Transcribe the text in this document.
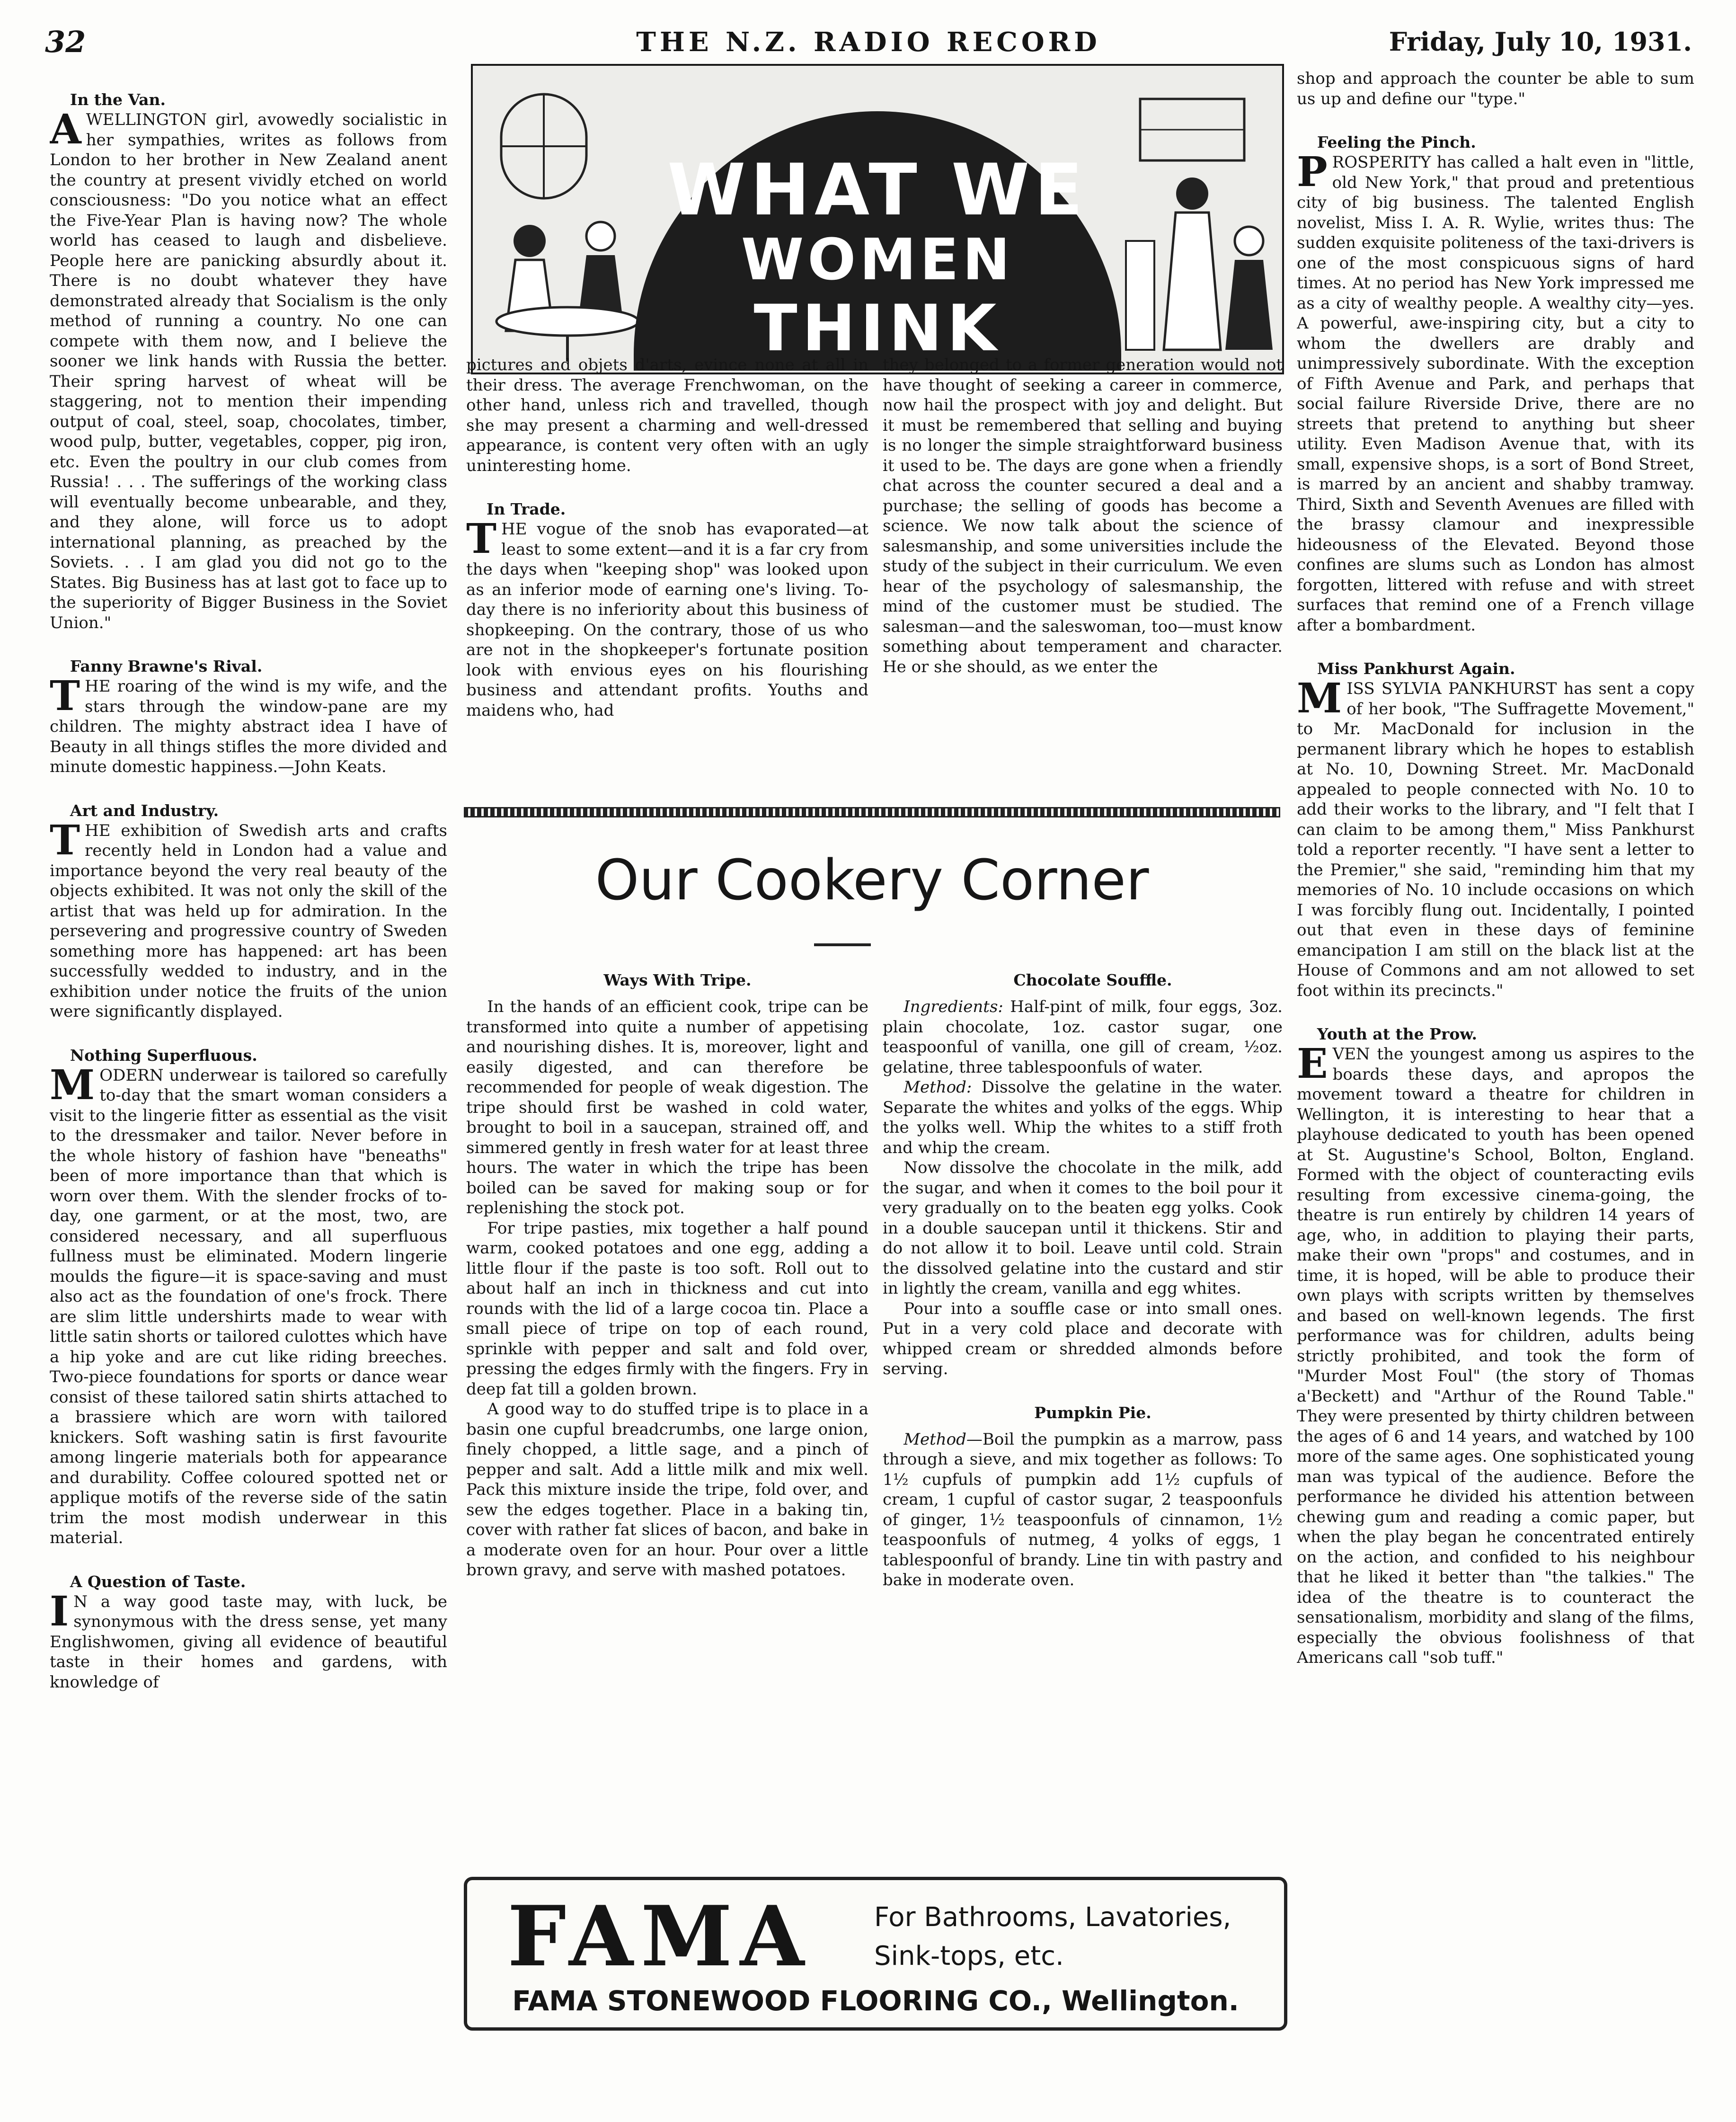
32	THE N.Z. RADIO RECORD	Friday, July 10, 1931.

In the Van.

AWELLINGTON girl, avowedly socialistic in her sympathies, writes as follows from London to her brother in New Zealand anent the country at present vividly etched on world consciousness: "Do you notice what an effect the Five-Year Plan is having now? The whole world has ceased to laugh and disbelieve. People here are panicking absurdly about it. There is no doubt whatever they have demonstrated already that Socialism is the only method of running a country. No one can compete with them now, and I believe the sooner we link hands with Russia the better. Their spring harvest of wheat will be staggering, not to mention their impending output of coal, steel, soap, chocolates, timber, wood pulp, butter, vegetables, copper, pig iron, etc. Even the poultry in our club comes from Russia! . . . The sufferings of the working class will eventually become unbearable, and they, and they alone, will force us to adopt international planning, as preached by the Soviets. . . I am glad you did not go to the States. Big Business has at last got to face up to the superiority of Bigger Business in the Soviet Union."

Fanny Brawne's Rival.

THE roaring of the wind is my wife, and the stars through the window-pane are my children. The mighty abstract idea I have of Beauty in all things stifles the more divided and minute domestic happiness.—John Keats.

Art and Industry.

THE exhibition of Swedish arts and crafts recently held in London had a value and importance beyond the very real beauty of the objects exhibited. It was not only the skill of the artist that was held up for admiration. In the persevering and progressive country of Sweden something more has happened: art has been successfully wedded to industry, and in the exhibition under notice the fruits of the union were significantly displayed.

Nothing Superfluous.

MODERN underwear is tailored so carefully to-day that the smart woman considers a visit to the lingerie fitter as essential as the visit to the dressmaker and tailor. Never before in the whole history of fashion have "beneaths" been of more importance than that which is worn over them. With the slender frocks of to-day, one garment, or at the most, two, are considered necessary, and all superfluous fullness must be eliminated. Modern lingerie moulds the figure—it is space-saving and must also act as the foundation of one's frock. There are slim little undershirts made to wear with little satin shorts or tailored culottes which have a hip yoke and are cut like riding breeches. Two-piece foundations for sports or dance wear consist of these tailored satin shirts attached to a brassiere which are worn with tailored knickers. Soft washing satin is first favourite among lingerie materials both for appearance and durability. Coffee coloured spotted net or applique motifs of the reverse side of the satin trim the most modish underwear in this material.

A Question of Taste.

IN a way good taste may, with luck, be synonymous with the dress sense, yet many Englishwomen, giving all evidence of beautiful taste in their homes and gardens, with knowledge of

WHAT WE
WOMEN
THINK

pictures and objets d'arts, evince none at all in their dress. The average Frenchwoman, on the other hand, unless rich and travelled, though she may present a charming and well-dressed appearance, is content very often with an ugly uninteresting home.

In Trade.

THE vogue of the snob has evaporated—at least to some extent—and it is a far cry from the days when "keeping shop" was looked upon as an inferior mode of earning one's living. To-day there is no inferiority about this business of shopkeeping. On the contrary, those of us who are not in the shopkeeper's fortunate position look with envious eyes on his flourishing business and attendant profits. Youths and maidens who, had

they belonged to a former generation would not have thought of seeking a career in commerce, now hail the prospect with joy and delight. But it must be remembered that selling and buying is no longer the simple straightforward business it used to be. The days are gone when a friendly chat across the counter secured a deal and a purchase; the selling of goods has become a science. We now talk about the science of salesmanship, and some universities include the study of the subject in their curriculum. We even hear of the psychology of salesmanship, the mind of the customer must be studied. The salesman—and the saleswoman, too—must know something about temperament and character. He or she should, as we enter the

Our Cookery Corner

Ways With Tripe.

In the hands of an efficient cook, tripe can be transformed into quite a number of appetising and nourishing dishes. It is, moreover, light and easily digested, and can therefore be recommended for people of weak digestion. The tripe should first be washed in cold water, brought to boil in a saucepan, strained off, and simmered gently in fresh water for at least three hours. The water in which the tripe has been boiled can be saved for making soup or for replenishing the stock pot.

For tripe pasties, mix together a half pound warm, cooked potatoes and one egg, adding a little flour if the paste is too soft. Roll out to about half an inch in thickness and cut into rounds with the lid of a large cocoa tin. Place a small piece of tripe on top of each round, sprinkle with pepper and salt and fold over, pressing the edges firmly with the fingers. Fry in deep fat till a golden brown.

A good way to do stuffed tripe is to place in a basin one cupful breadcrumbs, one large onion, finely chopped, a little sage, and a pinch of pepper and salt. Add a little milk and mix well. Pack this mixture inside the tripe, fold over, and sew the edges together. Place in a baking tin, cover with rather fat slices of bacon, and bake in a moderate oven for an hour. Pour over a little brown gravy, and serve with mashed potatoes.

Chocolate Souffle.

Ingredients: Half-pint of milk, four eggs, 3oz. plain chocolate, 1oz. castor sugar, one teaspoonful of vanilla, one gill of cream, ½oz. gelatine, three tablespoonfuls of water.

Method: Dissolve the gelatine in the water. Separate the whites and yolks of the eggs. Whip the yolks well. Whip the whites to a stiff froth and whip the cream.

Now dissolve the chocolate in the milk, add the sugar, and when it comes to the boil pour it very gradually on to the beaten egg yolks. Cook in a double saucepan until it thickens. Stir and do not allow it to boil. Leave until cold. Strain the dissolved gelatine into the custard and stir in lightly the cream, vanilla and egg whites.

Pour into a souffle case or into small ones. Put in a very cold place and decorate with whipped cream or shredded almonds before serving.

Pumpkin Pie.

Method—Boil the pumpkin as a marrow, pass through a sieve, and mix together as follows: To 1½ cupfuls of pumpkin add 1½ cupfuls of cream, 1 cupful of castor sugar, 2 teaspoonfuls of ginger, 1½ teaspoonfuls of cinnamon, 1½ teaspoonfuls of nutmeg, 4 yolks of eggs, 1 tablespoonful of brandy. Line tin with pastry and bake in moderate oven.

FAMA For Bathrooms, Lavatories,
Sink-tops, etc.
FAMA STONEWOOD FLOORING CO., Wellington.

shop and approach the counter be able to sum us up and define our "type."

Feeling the Pinch.

PROSPERITY has called a halt even in "little, old New York," that proud and pretentious city of big business. The talented English novelist, Miss I. A. R. Wylie, writes thus: The sudden exquisite politeness of the taxi-drivers is one of the most conspicuous signs of hard times. At no period has New York impressed me as a city of wealthy people. A wealthy city—yes. A powerful, awe-inspiring city, but a city to whom the dwellers are drably and unimpressively subordinate. With the exception of Fifth Avenue and Park, and perhaps that social failure Riverside Drive, there are no streets that pretend to anything but sheer utility. Even Madison Avenue that, with its small, expensive shops, is a sort of Bond Street, is marred by an ancient and shabby tramway. Third, Sixth and Seventh Avenues are filled with the brassy clamour and inexpressible hideousness of the Elevated. Beyond those confines are slums such as London has almost forgotten, littered with refuse and with street surfaces that remind one of a French village after a bombardment.

Miss Pankhurst Again.

MISS SYLVIA PANKHURST has sent a copy of her book, "The Suffragette Movement," to Mr. MacDonald for inclusion in the permanent library which he hopes to establish at No. 10, Downing Street. Mr. MacDonald appealed to people connected with No. 10 to add their works to the library, and "I felt that I can claim to be among them," Miss Pankhurst told a reporter recently. "I have sent a letter to the Premier," she said, "reminding him that my memories of No. 10 include occasions on which I was forcibly flung out. Incidentally, I pointed out that even in these days of feminine emancipation I am still on the black list at the House of Commons and am not allowed to set foot within its precincts."

Youth at the Prow.

EVEN the youngest among us aspires to the boards these days, and apropos the movement toward a theatre for children in Wellington, it is interesting to hear that a playhouse dedicated to youth has been opened at St. Augustine's School, Bolton, England. Formed with the object of counteracting evils resulting from excessive cinema-going, the theatre is run entirely by children 14 years of age, who, in addition to playing their parts, make their own "props" and costumes, and in time, it is hoped, will be able to produce their own plays with scripts written by themselves and based on well-known legends. The first performance was for children, adults being strictly prohibited, and took the form of "Murder Most Foul" (the story of Thomas a'Beckett) and "Arthur of the Round Table." They were presented by thirty children between the ages of 6 and 14 years, and watched by 100 more of the same ages. One sophisticated young man was typical of the audience. Before the performance he divided his attention between chewing gum and reading a comic paper, but when the play began he concentrated entirely on the action, and confided to his neighbour that he liked it better than "the talkies." The idea of the theatre is to counteract the sensationalism, morbidity and slang of the films, especially the obvious foolishness of that Americans call "sob tuff."
